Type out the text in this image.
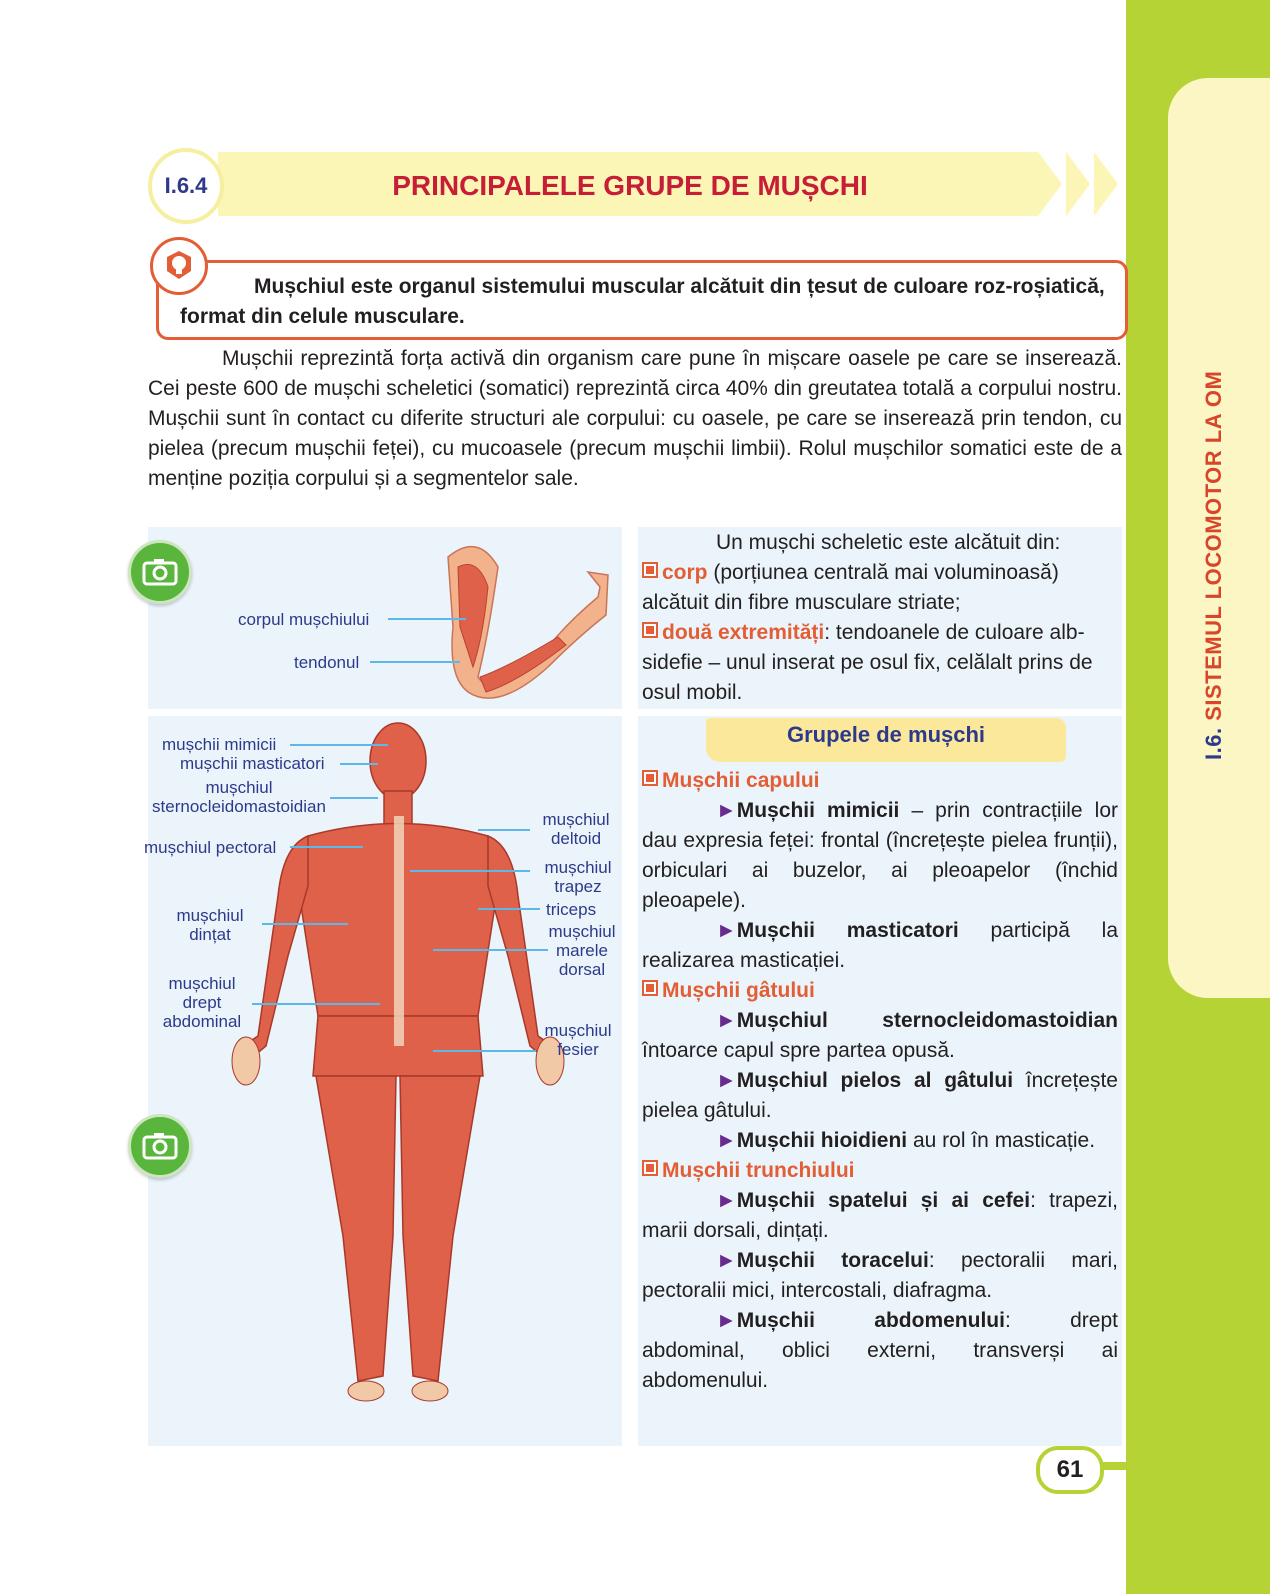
I.6. SISTEMUL LOCOMOTOR LA OM
I.6.4	PRINCIPALELE GRUPE DE MUȘCHI
Mușchiul este organul sistemului muscular alcătuit din țesut de culoare roz-roșiatică, format din celule musculare.
Mușchii reprezintă forța activă din organism care pune în mișcare oasele pe care se inserează. Cei peste 600 de mușchi scheletici (somatici) reprezintă circa 40% din greutatea totală a corpului nostru. Mușchii sunt în contact cu diferite structuri ale corpului: cu oasele, pe care se inserează prin tendon, cu pielea (precum mușchii feței), cu mucoasele (precum mușchii limbii). Rolul mușchilor somatici este de a menține poziția corpului și a segmentelor sale.
corpul mușchiului
tendonul
mușchii mimicii
mușchii masticatori
mușchiul
sternocleidomastoidian
mușchiul pectoral
mușchiul
dințat
mușchiul
drept
abdominal
mușchiul
deltoid
mușchiul
trapez
triceps
mușchiul
marele
dorsal
mușchiul
fesier
Un mușchi scheletic este alcătuit din:
corp (porțiunea centrală mai voluminoasă) alcătuit din fibre musculare striate;
două extremități: tendoanele de culoare alb-sidefie – unul inserat pe osul fix, celălalt prins de osul mobil.
Grupele de mușchi
Mușchii capului
►Mușchii mimicii – prin contracțiile lor dau expresia feței: frontal (încrețește pielea frunții), orbiculari ai buzelor, ai pleoapelor (închid pleoapele).
►Mușchii masticatori participă la realizarea masticației.
Mușchii gâtului
►Mușchiul sternocleidomastoidian întoarce capul spre partea opusă.
►Mușchiul pielos al gâtului încrețește pielea gâtului.
►Mușchii hioidieni au rol în masticație.
Mușchii trunchiului
►Mușchii spatelui și ai cefei: trapezi, marii dorsali, dințați.
►Mușchii toracelui: pectoralii mari, pectoralii mici, intercostali, diafragma.
►Mușchii abdomenului: drept abdominal, oblici externi, transverși ai abdomenului.
61
